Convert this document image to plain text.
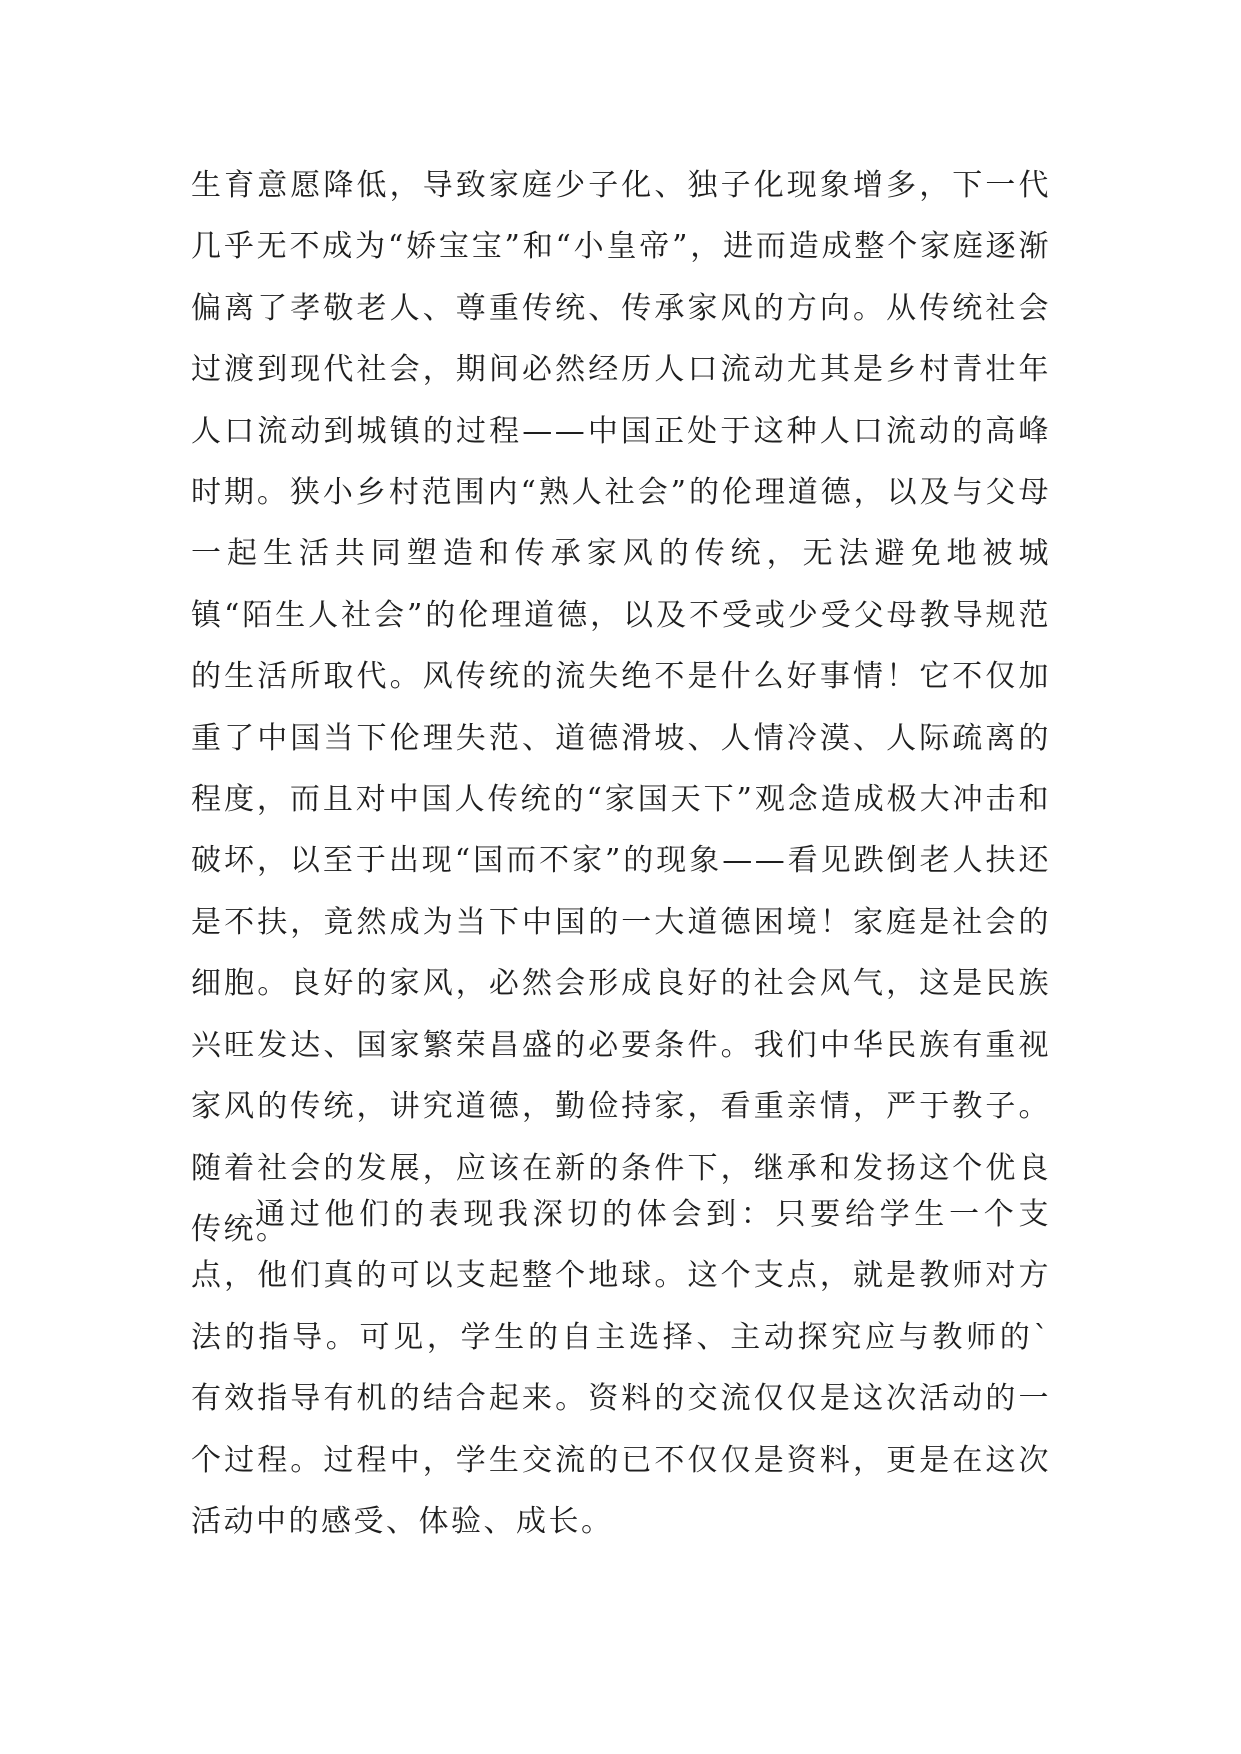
生育意愿降低，导致家庭少子化、独子化现象增多，下一代几乎无不成为“娇宝宝”和“小皇帝”，进而造成整个家庭逐渐偏离了孝敬老人、尊重传统、传承家风的方向。从传统社会过渡到现代社会，期间必然经历人口流动尤其是乡村青壮年人口流动到城镇的过程——中国正处于这种人口流动的高峰时期。狭小乡村范围内“熟人社会”的伦理道德，以及与父母一起生活共同塑造和传承家风的传统，无法避免地被城镇“陌生人社会”的伦理道德，以及不受或少受父母教导规范的生活所取代。风传统的流失绝不是什么好事情！它不仅加重了中国当下伦理失范、道德滑坡、人情冷漠、人际疏离的程度，而且对中国人传统的“家国天下”观念造成极大冲击和破坏，以至于出现“国而不家”的现象——看见跌倒老人扶还是不扶，竟然成为当下中国的一大道德困境！家庭是社会的细胞。良好的家风，必然会形成良好的社会风气，这是民族兴旺发达、国家繁荣昌盛的必要条件。我们中华民族有重视家风的传统，讲究道德，勤俭持家，看重亲情，严于教子。随着社会的发展，应该在新的条件下，继承和发扬这个优良传统。

通过他们的表现我深切的体会到：只要给学生一个支点，他们真的可以支起整个地球。这个支点，就是教师对方法的指导。可见，学生的自主选择、主动探究应与教师的`有效指导有机的结合起来。资料的交流仅仅是这次活动的一个过程。过程中，学生交流的已不仅仅是资料，更是在这次活动中的感受、体验、成长。
